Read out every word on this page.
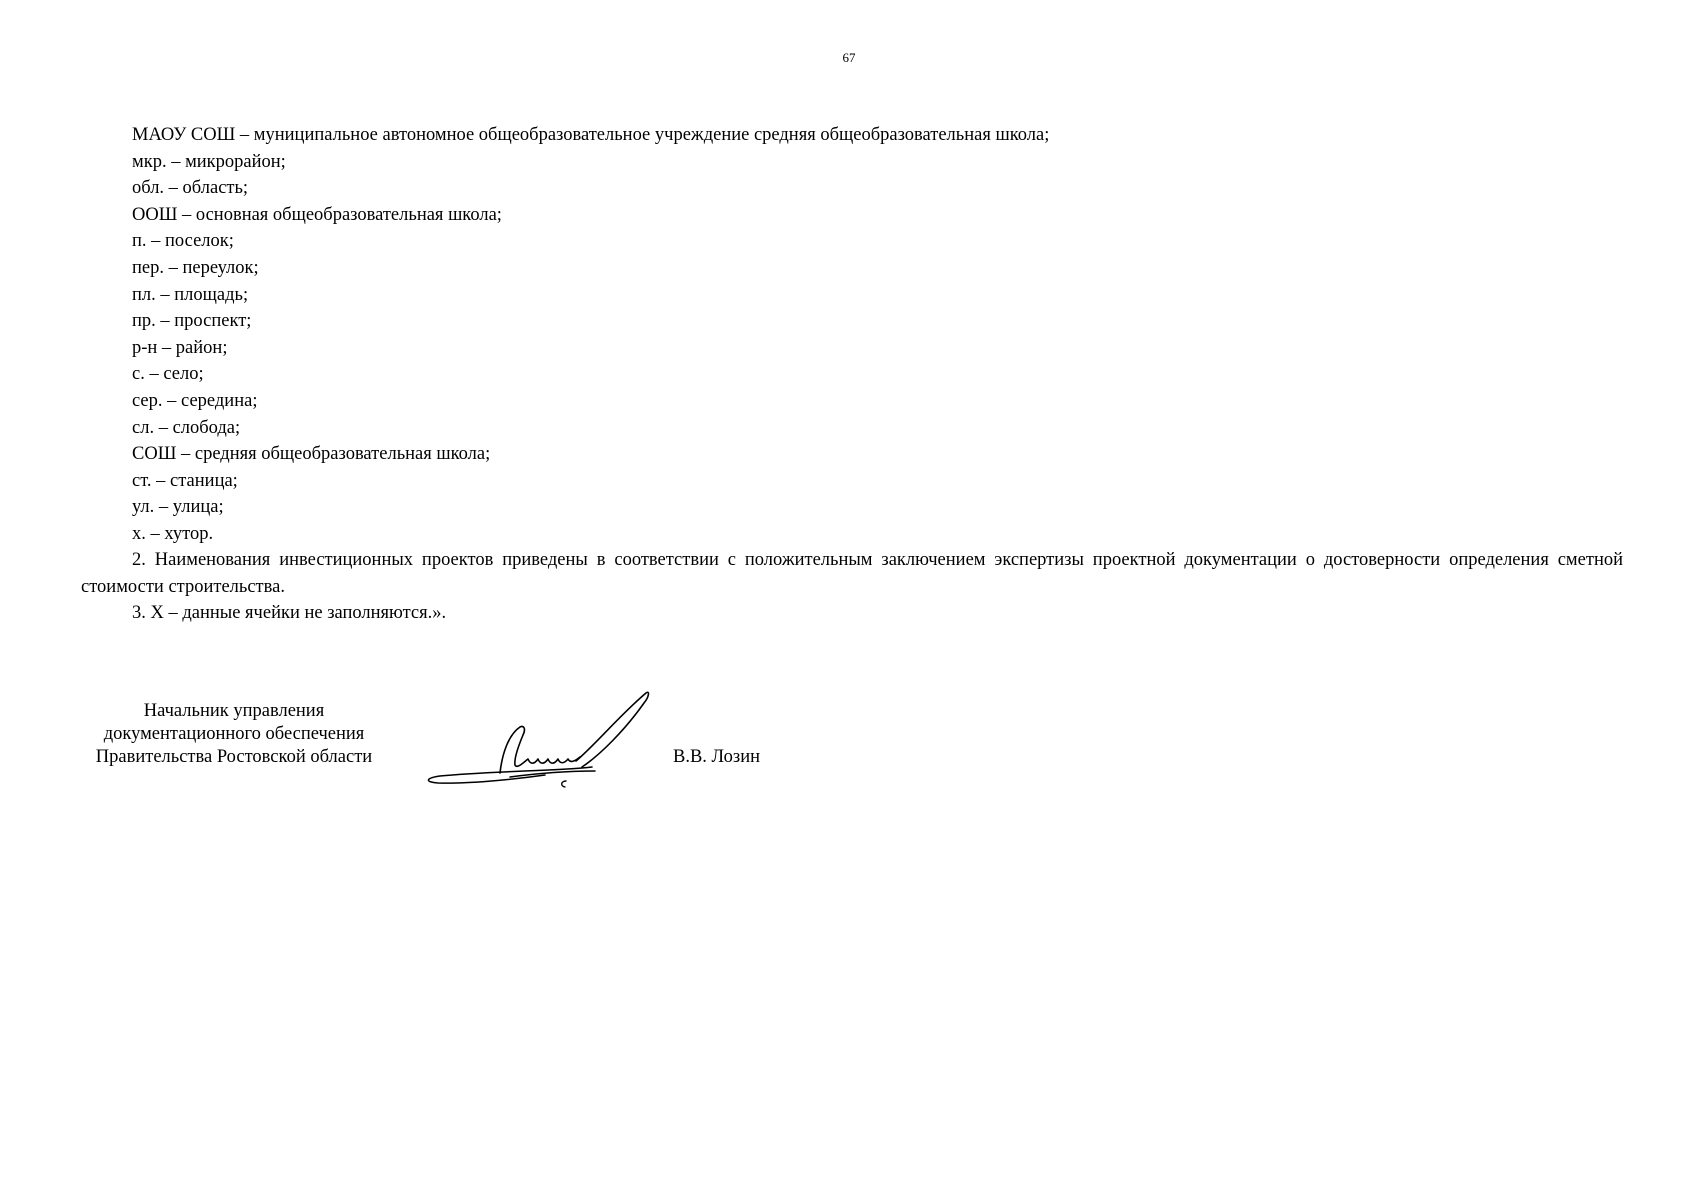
67
МАОУ СОШ – муниципальное автономное общеобразовательное учреждение средняя общеобразовательная школа;
мкр. – микрорайон;
обл. – область;
ООШ – основная общеобразовательная школа;
п. – поселок;
пер. – переулок;
пл. – площадь;
пр. – проспект;
р-н – район;
с. – село;
сер. – середина;
сл. – слобода;
СОШ – средняя общеобразовательная школа;
ст. – станица;
ул. – улица;
х. – хутор.

2. Наименования инвестиционных проектов приведены в соответствии с положительным заключением экспертизы проектной документации о достоверности определения сметной стоимости строительства.

3. Х – данные ячейки не заполняются.».

Начальник управления
документационного обеспечения
Правительства Ростовской области	В.В. Лозин
